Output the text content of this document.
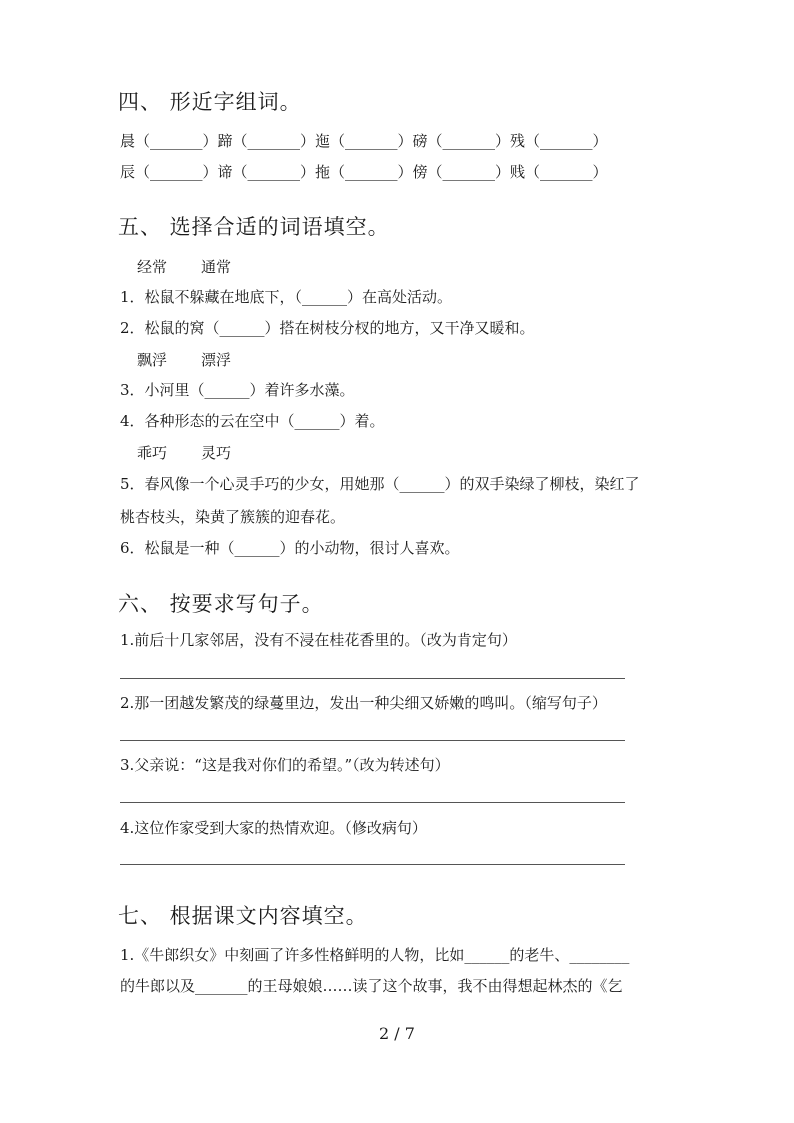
四、 形近字组词。
晨（_______）蹄（_______）迤（_______）磅（_______）残（_______）
辰（_______）谛（_______）拖（_______）傍（_______）贱（_______）
五、 选择合适的词语填空。
经常 通常
1．松鼠不躲藏在地底下，（______）在高处活动。
2．松鼠的窝（______）搭在树枝分杈的地方，又干净又暖和。
飘浮 漂浮
3．小河里（______）着许多水藻。
4．各种形态的云在空中（______）着。
乖巧 灵巧
5．春风像一个心灵手巧的少女，用她那（______）的双手染绿了柳枝，染红了
桃杏枝头，染黄了簇簇的迎春花。
6．松鼠是一种（______）的小动物，很讨人喜欢。
六、 按要求写句子。
1.前后十几家邻居，没有不浸在桂花香里的。（改为肯定句）
2.那一团越发繁茂的绿蔓里边，发出一种尖细又娇嫩的鸣叫。（缩写句子）
3.父亲说：“这是我对你们的希望。”（改为转述句）
4.这位作家受到大家的热情欢迎。（修改病句）
七、 根据课文内容填空。
1.《牛郎织女》中刻画了许多性格鲜明的人物，比如______的老牛、________
的牛郎以及_______的王母娘娘……读了这个故事，我不由得想起林杰的《乞
2 / 7
